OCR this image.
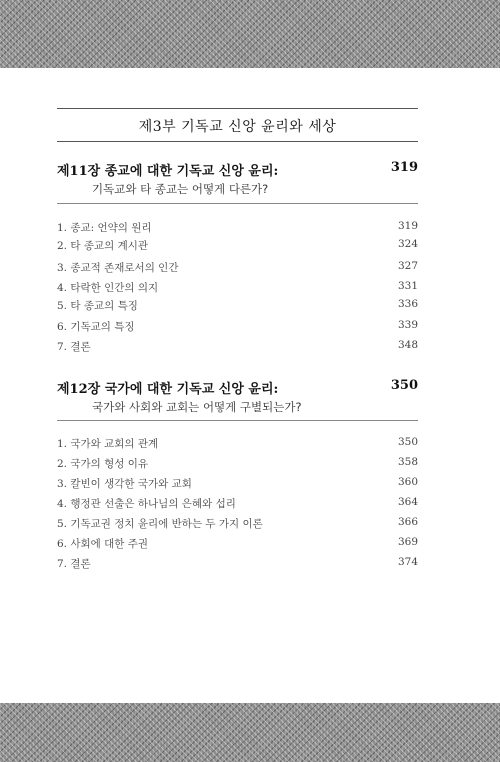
제3부 기독교 신앙 윤리와 세상
제11장 종교에 대한 기독교 신앙 윤리:	319
기독교와 타 종교는 어떻게 다른가?
1. 종교: 언약의 원리	319
2. 타 종교의 계시관	324
3. 종교적 존재로서의 인간	327
4. 타락한 인간의 의지	331
5. 타 종교의 특징	336
6. 기독교의 특징	339
7. 결론	348
제12장 국가에 대한 기독교 신앙 윤리:	350
국가와 사회와 교회는 어떻게 구별되는가?
1. 국가와 교회의 관계	350
2. 국가의 형성 이유	358
3. 칼빈이 생각한 국가와 교회	360
4. 행정관 선출은 하나님의 은혜와 섭리	364
5. 기독교권 정치 윤리에 반하는 두 가지 이론	366
6. 사회에 대한 주권	369
7. 결론	374
